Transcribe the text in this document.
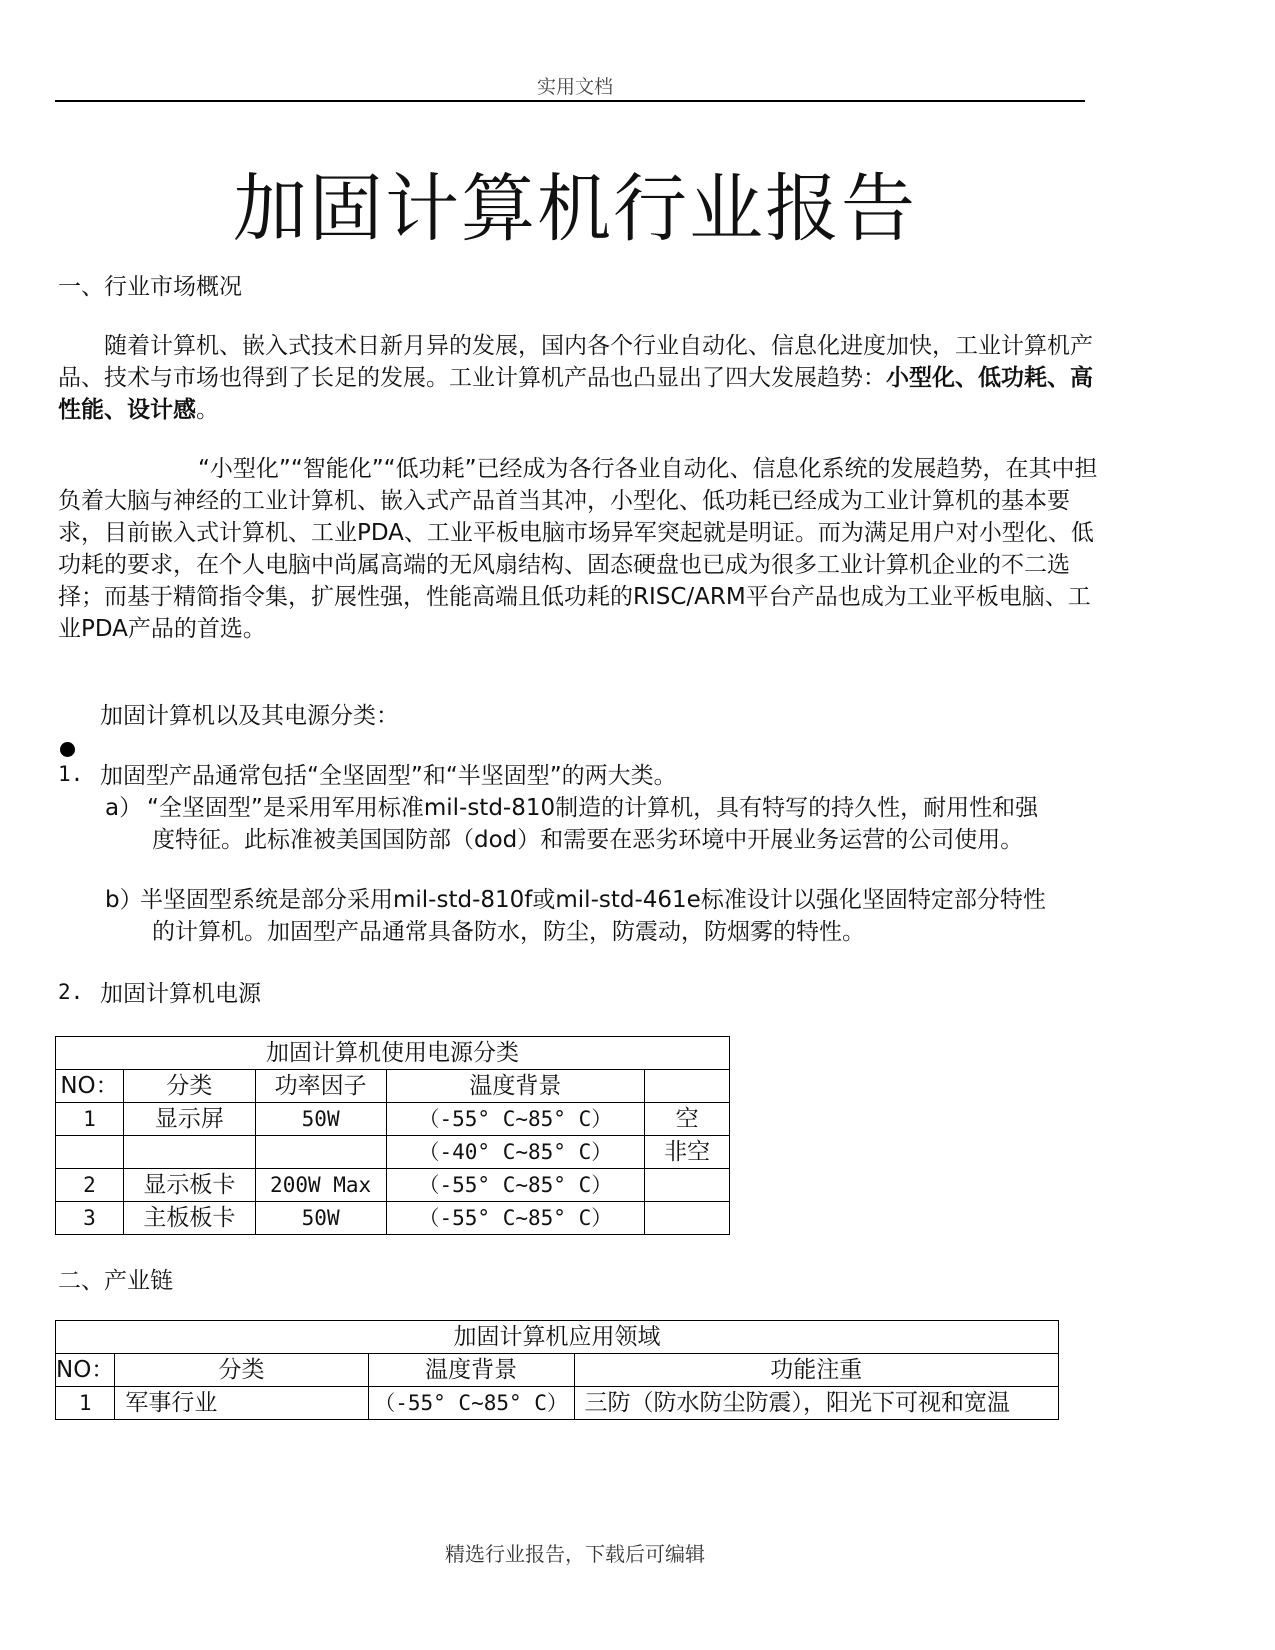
实用文档
加固计算机行业报告
一、行业市场概况
随着计算机、嵌入式技术日新月异的发展，国内各个行业自动化、信息化进度加快，工业计算机产品、技术与市场也得到了长足的发展。工业计算机产品也凸显出了四大发展趋势：小型化、低功耗、高性能、设计感。
“小型化”“智能化”“低功耗”已经成为各行各业自动化、信息化系统的发展趋势，在其中担负着大脑与神经的工业计算机、嵌入式产品首当其冲，小型化、低功耗已经成为工业计算机的基本要求，目前嵌入式计算机、工业PDA、工业平板电脑市场异军突起就是明证。而为满足用户对小型化、低功耗的要求，在个人电脑中尚属高端的无风扇结构、固态硬盘也已成为很多工业计算机企业的不二选择；而基于精简指令集，扩展性强，性能高端且低功耗的RISC/ARM平台产品也成为工业平板电脑、工业PDA产品的首选。
加固计算机以及其电源分类：
1. 加固型产品通常包括“全坚固型”和“半坚固型”的两大类。
a） “全坚固型”是采用军用标准mil-std-810制造的计算机，具有特写的持久性，耐用性和强度特征。此标准被美国国防部（dod）和需要在恶劣环境中开展业务运营的公司使用。
b）
半坚固型系统是部分采用mil-std-810f或mil-std-461e标准设计以强化坚固特定部分特性的计算机。加固型产品通常具备防水，防尘，防震动，防烟雾的特性。
2. 加固计算机电源
加固计算机使用电源分类				
NO：	分类	功率因子	温度背景	
1	显示屏	50W	（-55° C~85° C）	空
			（-40° C~85° C）	非空
2	显示板卡	200W Max	（-55° C~85° C）	
3	主板板卡	50W	（-55° C~85° C）	
二、产业链
加固计算机应用领域			
NO：	分类	温度背景	功能注重
1	军事行业	（-55° C~85° C）	三防（防水防尘防震），阳光下可视和宽温
精选行业报告，下载后可编辑
